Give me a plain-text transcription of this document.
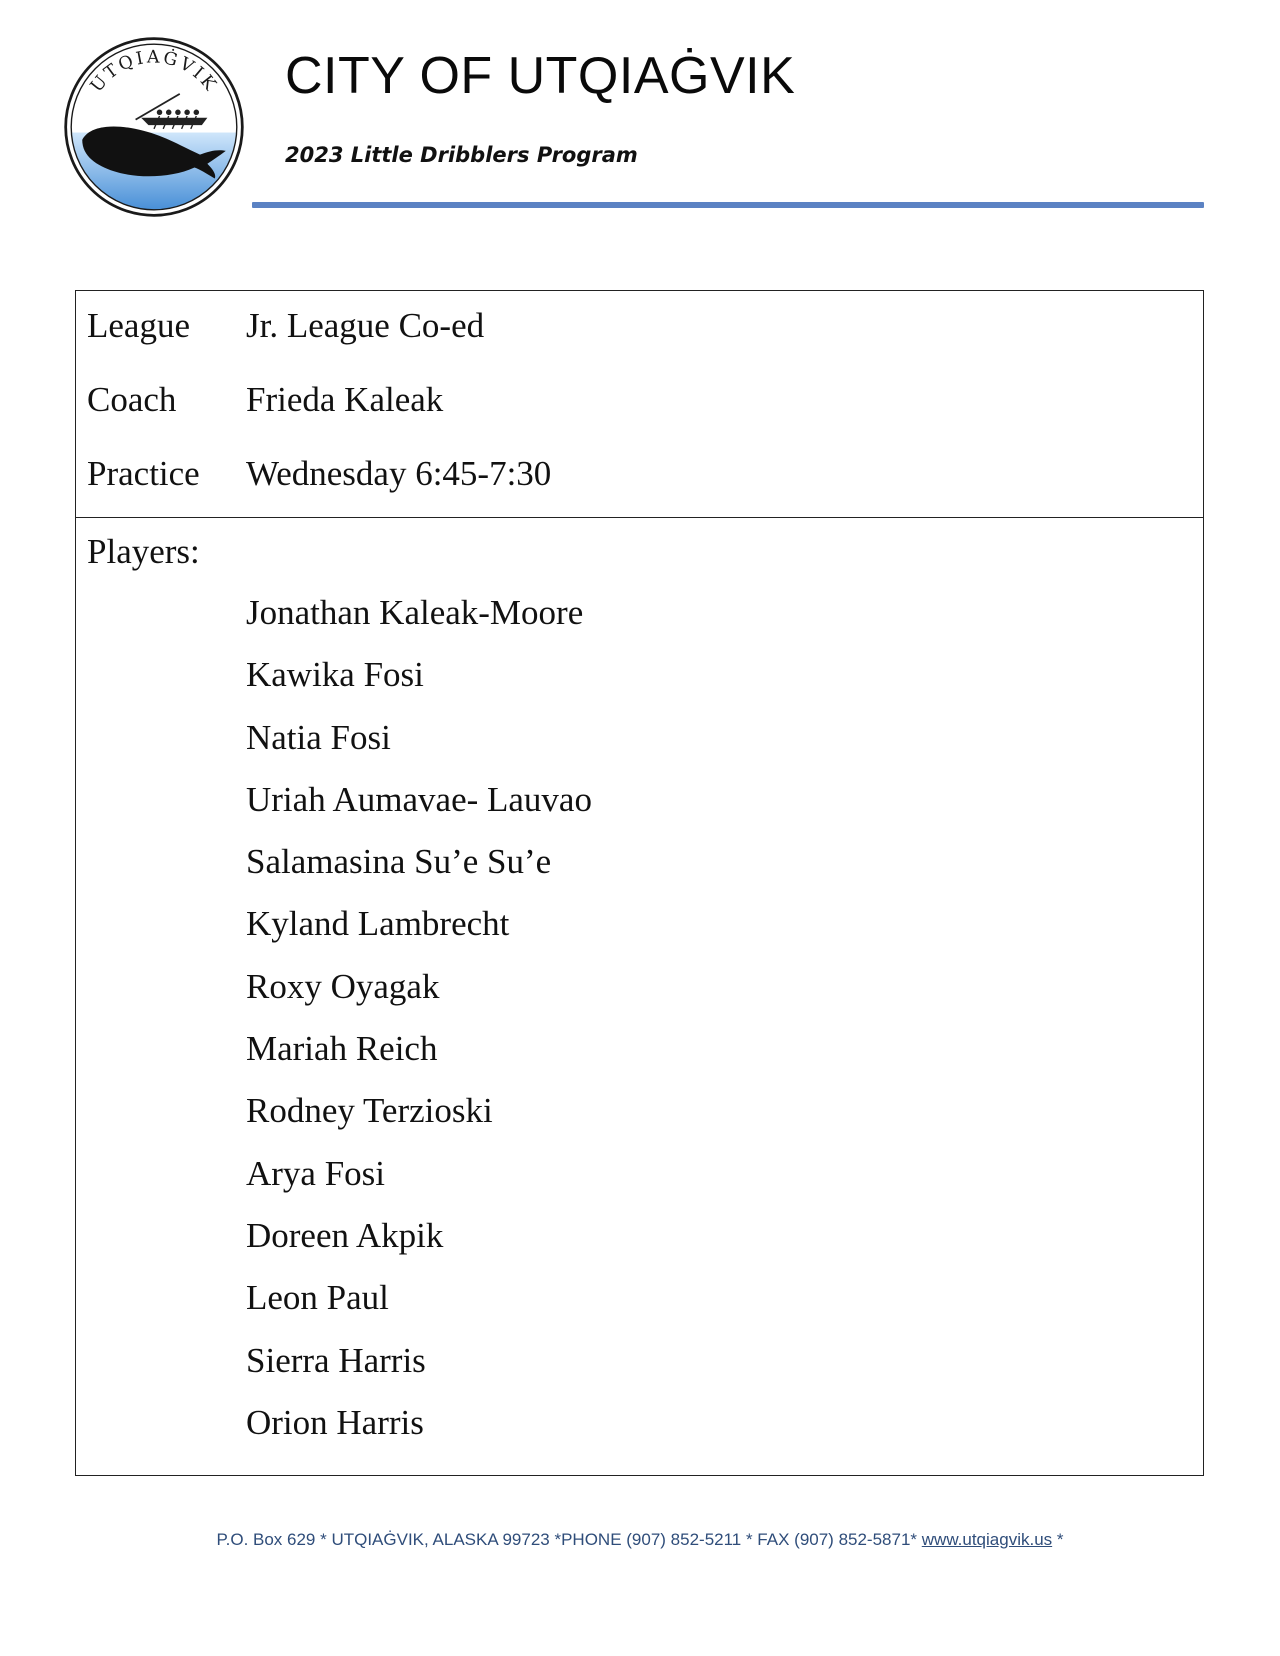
UTQIAĠVIK CITY OF UTQIAĠVIK
2023 Little Dribblers Program
League Jr. League Co-ed
Coach Frieda Kaleak
Practice Wednesday 6:45-7:30
Players:
Jonathan Kaleak-Moore
Kawika Fosi
Natia Fosi
Uriah Aumavae- Lauvao
Salamasina Su’e Su’e
Kyland Lambrecht
Roxy Oyagak
Mariah Reich
Rodney Terzioski
Arya Fosi
Doreen Akpik
Leon Paul
Sierra Harris
Orion Harris
P.O. Box 629 * UTQIAĠVIK, ALASKA 99723 *PHONE (907) 852-5211 * FAX (907) 852-5871* www.utqiagvik.us *
